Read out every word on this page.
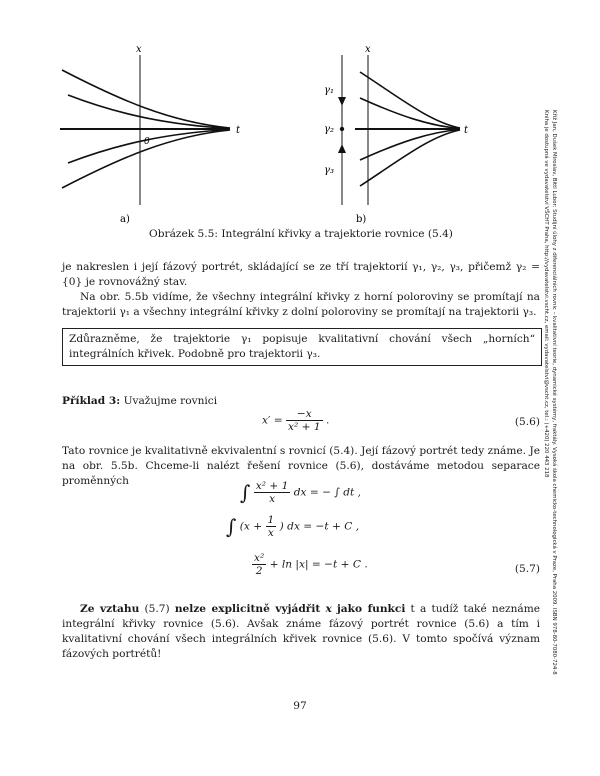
x
t
0
a)
x
t
γ₁
γ₂
γ₃
b)
Obrázek 5.5: Integrální křivky a trajektorie rovnice (5.4)
je nakreslen i její fázový portrét, skládající se ze tří trajektorií γ₁, γ₂, γ₃, přičemž γ₂ = {0} je rovnovážný stav.
Na obr. 5.5b vidíme, že všechny integrální křivky z horní poloroviny se promítají na trajektorii γ₁ a všechny integrální křivky z dolní poloroviny se promítají na trajektorii γ₃.
Zdůrazněme, že trajektorie γ₁ popisuje kvalitativní chování všech „horních“ integrálních křivek. Podobně pro trajektorii γ₃.
Příklad 3: Uvažujme rovnici
$x' = \frac{-x}{\text{x² + 1}}$ .	(5.6)
Tato rovnice je kvalitativně ekvivalentní s rovnicí (5.4). Její fázový portrét tedy známe. Je na obr. 5.5b. Chceme-li nalézt řešení rovnice (5.6), dostáváme metodou separace proměnných	∫ $\frac{\text{x² + 1}}{x}$ dx = − ∫ dt ,
∫ ($x + \frac{1}{x}$ ) dx = −t + C ,
$\frac{\text{x²}}{2} + \ln |x| = -t + C$ .	(5.7)
Ze vztahu (5.7) nelze explicitně vyjádřit x jako funkci t a tudíž také neznáme integrální křivky rovnice (5.6). Avšak známe fázový portrét rovnice (5.6) a tím i kvalitativní chování všech integrálních křivek rovnice (5.6). V tomto spočívá význam fázových portrétů!
97
Kříž Jan, Dušek Miroslav, Bittl Lubor: Studijní úlohy z diferenciálních rovnic – kvalitativní teorie, dynamické systémy, fraktály. Vysoká škola chemicko-technologická v Praze, Praha 2009. ISBN 978-80-7080-724-8
Kniha je dostupná ve vydavatelství VŠCHT Praha, http://vydavatelstvi.vscht.cz, email: vydavatelstvi@vscht.cz, tel.: (+420) 220 443 218
